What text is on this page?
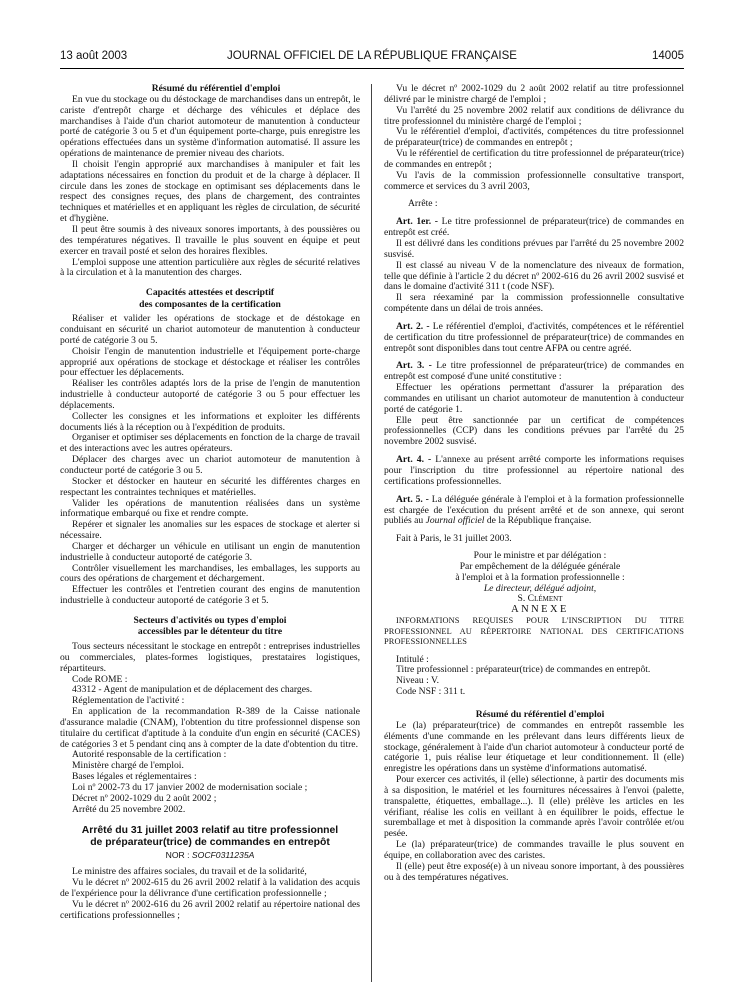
13 août 2003	JOURNAL OFFICIEL DE LA RÉPUBLIQUE FRANÇAISE	14005

Résumé du référentiel d'emploi

En vue du stockage ou du déstockage de marchandises dans un entrepôt, le cariste d'entrepôt charge et décharge des véhicules et déplace des marchandises à l'aide d'un chariot automoteur de manutention à conducteur porté de catégorie 3 ou 5 et d'un équipement porte-charge, puis enregistre les opérations effectuées dans un système d'information automatisé. Il assure les opérations de maintenance de premier niveau des chariots.

Il choisit l'engin approprié aux marchandises à manipuler et fait les adaptations nécessaires en fonction du produit et de la charge à déplacer. Il circule dans les zones de stockage en optimisant ses déplacements dans le respect des consignes reçues, des plans de chargement, des contraintes techniques et matérielles et en appliquant les règles de circulation, de sécurité et d'hygiène.

Il peut être soumis à des niveaux sonores importants, à des poussières ou des températures négatives. Il travaille le plus souvent en équipe et peut exercer en travail posté et selon des horaires flexibles.

L'emploi suppose une attention particulière aux règles de sécurité relatives à la circulation et à la manutention des charges.

Capacités attestées et descriptif
des composantes de la certification

Réaliser et valider les opérations de stockage et de déstokage en conduisant en sécurité un chariot automoteur de manutention à conducteur porté de catégorie 3 ou 5.

Choisir l'engin de manutention industrielle et l'équipement porte-charge approprié aux opérations de stockage et déstockage et réaliser les contrôles pour effectuer les déplacements.

Réaliser les contrôles adaptés lors de la prise de l'engin de manutention industrielle à conducteur autoporté de catégorie 3 ou 5 pour effectuer les déplacements.

Collecter les consignes et les informations et exploiter les différents documents liés à la réception ou à l'expédition de produits.

Organiser et optimiser ses déplacements en fonction de la charge de travail et des interactions avec les autres opérateurs.

Déplacer des charges avec un chariot automoteur de manutention à conducteur porté de catégorie 3 ou 5.

Stocker et déstocker en hauteur en sécurité les différentes charges en respectant les contraintes techniques et matérielles.

Valider les opérations de manutention réalisées dans un système informatique embarqué ou fixe et rendre compte.

Repérer et signaler les anomalies sur les espaces de stockage et alerter si nécessaire.

Charger et décharger un véhicule en utilisant un engin de manutention industrielle à conducteur autoporté de catégorie 3.

Contrôler visuellement les marchandises, les emballages, les supports au cours des opérations de chargement et déchargement.

Effectuer les contrôles et l'entretien courant des engins de manutention industrielle à conducteur autoporté de catégorie 3 et 5.

Secteurs d'activités ou types d'emploi
accessibles par le détenteur du titre

Tous secteurs nécessitant le stockage en entrepôt : entreprises industrielles ou commerciales, plates-formes logistiques, prestataires logistiques, répartiteurs.

Code ROME :

43312 - Agent de manipulation et de déplacement des charges.

Réglementation de l'activité :

En application de la recommandation R-389 de la Caisse nationale d'assurance maladie (CNAM), l'obtention du titre professionnel dispense son titulaire du certificat d'aptitude à la conduite d'un engin en sécurité (CACES) de catégories 3 et 5 pendant cinq ans à compter de la date d'obtention du titre.

Autorité responsable de la certification :

Ministère chargé de l'emploi.

Bases légales et réglementaires :

Loi nº 2002-73 du 17 janvier 2002 de modernisation sociale ;

Décret nº 2002-1029 du 2 août 2002 ;

Arrêté du 25 novembre 2002.

Arrêté du 31 juillet 2003 relatif au titre professionnel
de préparateur(trice) de commandes en entrepôt
NOR : SOCF0311235A

Le ministre des affaires sociales, du travail et de la solidarité,

Vu le décret nº 2002-615 du 26 avril 2002 relatif à la validation des acquis de l'expérience pour la délivrance d'une certification professionnelle ;

Vu le décret nº 2002-616 du 26 avril 2002 relatif au répertoire national des certifications professionnelles ;

Vu le décret nº 2002-1029 du 2 août 2002 relatif au titre professionnel délivré par le ministre chargé de l'emploi ;

Vu l'arrêté du 25 novembre 2002 relatif aux conditions de délivrance du titre professionnel du ministère chargé de l'emploi ;

Vu le référentiel d'emploi, d'activités, compétences du titre professionnel de préparateur(trice) de commandes en entrepôt ;

Vu le référentiel de certification du titre professionnel de préparateur(trice) de commandes en entrepôt ;

Vu l'avis de la commission professionnelle consultative transport, commerce et services du 3 avril 2003,

Arrête :

Art. 1er. - Le titre professionnel de préparateur(trice) de commandes en entrepôt est créé.

Il est délivré dans les conditions prévues par l'arrêté du 25 novembre 2002 susvisé.

Il est classé au niveau V de la nomenclature des niveaux de formation, telle que définie à l'article 2 du décret nº 2002-616 du 26 avril 2002 susvisé et dans le domaine d'activité 311 t (code NSF).

Il sera réexaminé par la commission professionnelle consultative compétente dans un délai de trois années.

Art. 2. - Le référentiel d'emploi, d'activités, compétences et le référentiel de certification du titre professionnel de préparateur(trice) de commandes en entrepôt sont disponibles dans tout centre AFPA ou centre agréé.

Art. 3. - Le titre professionnel de préparateur(trice) de commandes en entrepôt est composé d'une unité constitutive :

Effectuer les opérations permettant d'assurer la préparation des commandes en utilisant un chariot automoteur de manutention à conducteur porté de catégorie 1.

Elle peut être sanctionnée par un certificat de compétences professionnelles (CCP) dans les conditions prévues par l'arrêté du 25 novembre 2002 susvisé.

Art. 4. - L'annexe au présent arrêté comporte les informations requises pour l'inscription du titre professionnel au répertoire national des certifications professionnelles.

Art. 5. - La déléguée générale à l'emploi et à la formation professionnelle est chargée de l'exécution du présent arrêté et de son annexe, qui seront publiés au Journal officiel de la République française.

Fait à Paris, le 31 juillet 2003.

Pour le ministre et par délégation :

Par empêchement de la déléguée générale

à l'emploi et à la formation professionnelle :

Le directeur, délégué adjoint,

S. Clément

ANNEXE

INFORMATIONS REQUISES POUR L'INSCRIPTION DU TITRE PROFESSIONNEL AU RÉPERTOIRE NATIONAL DES CERTIFICATIONS PROFESSIONNELLES

Intitulé :

Titre professionnel : préparateur(trice) de commandes en entrepôt.

Niveau : V.

Code NSF : 311 t.

Résumé du référentiel d'emploi

Le (la) préparateur(trice) de commandes en entrepôt rassemble les éléments d'une commande en les prélevant dans leurs différents lieux de stockage, généralement à l'aide d'un chariot automoteur à conducteur porté de catégorie 1, puis réalise leur étiquetage et leur conditionnement. Il (elle) enregistre les opérations dans un système d'informations automatisé.

Pour exercer ces activités, il (elle) sélectionne, à partir des documents mis à sa disposition, le matériel et les fournitures nécessaires à l'envoi (palette, transpalette, étiquettes, emballage...). Il (elle) prélève les articles en les vérifiant, réalise les colis en veillant à en équilibrer le poids, effectue le suremballage et met à disposition la commande après l'avoir contrôlée et/ou pesée.

Le (la) préparateur(trice) de commandes travaille le plus souvent en équipe, en collaboration avec des caristes.

Il (elle) peut être exposé(e) à un niveau sonore important, à des poussières ou à des températures négatives.
